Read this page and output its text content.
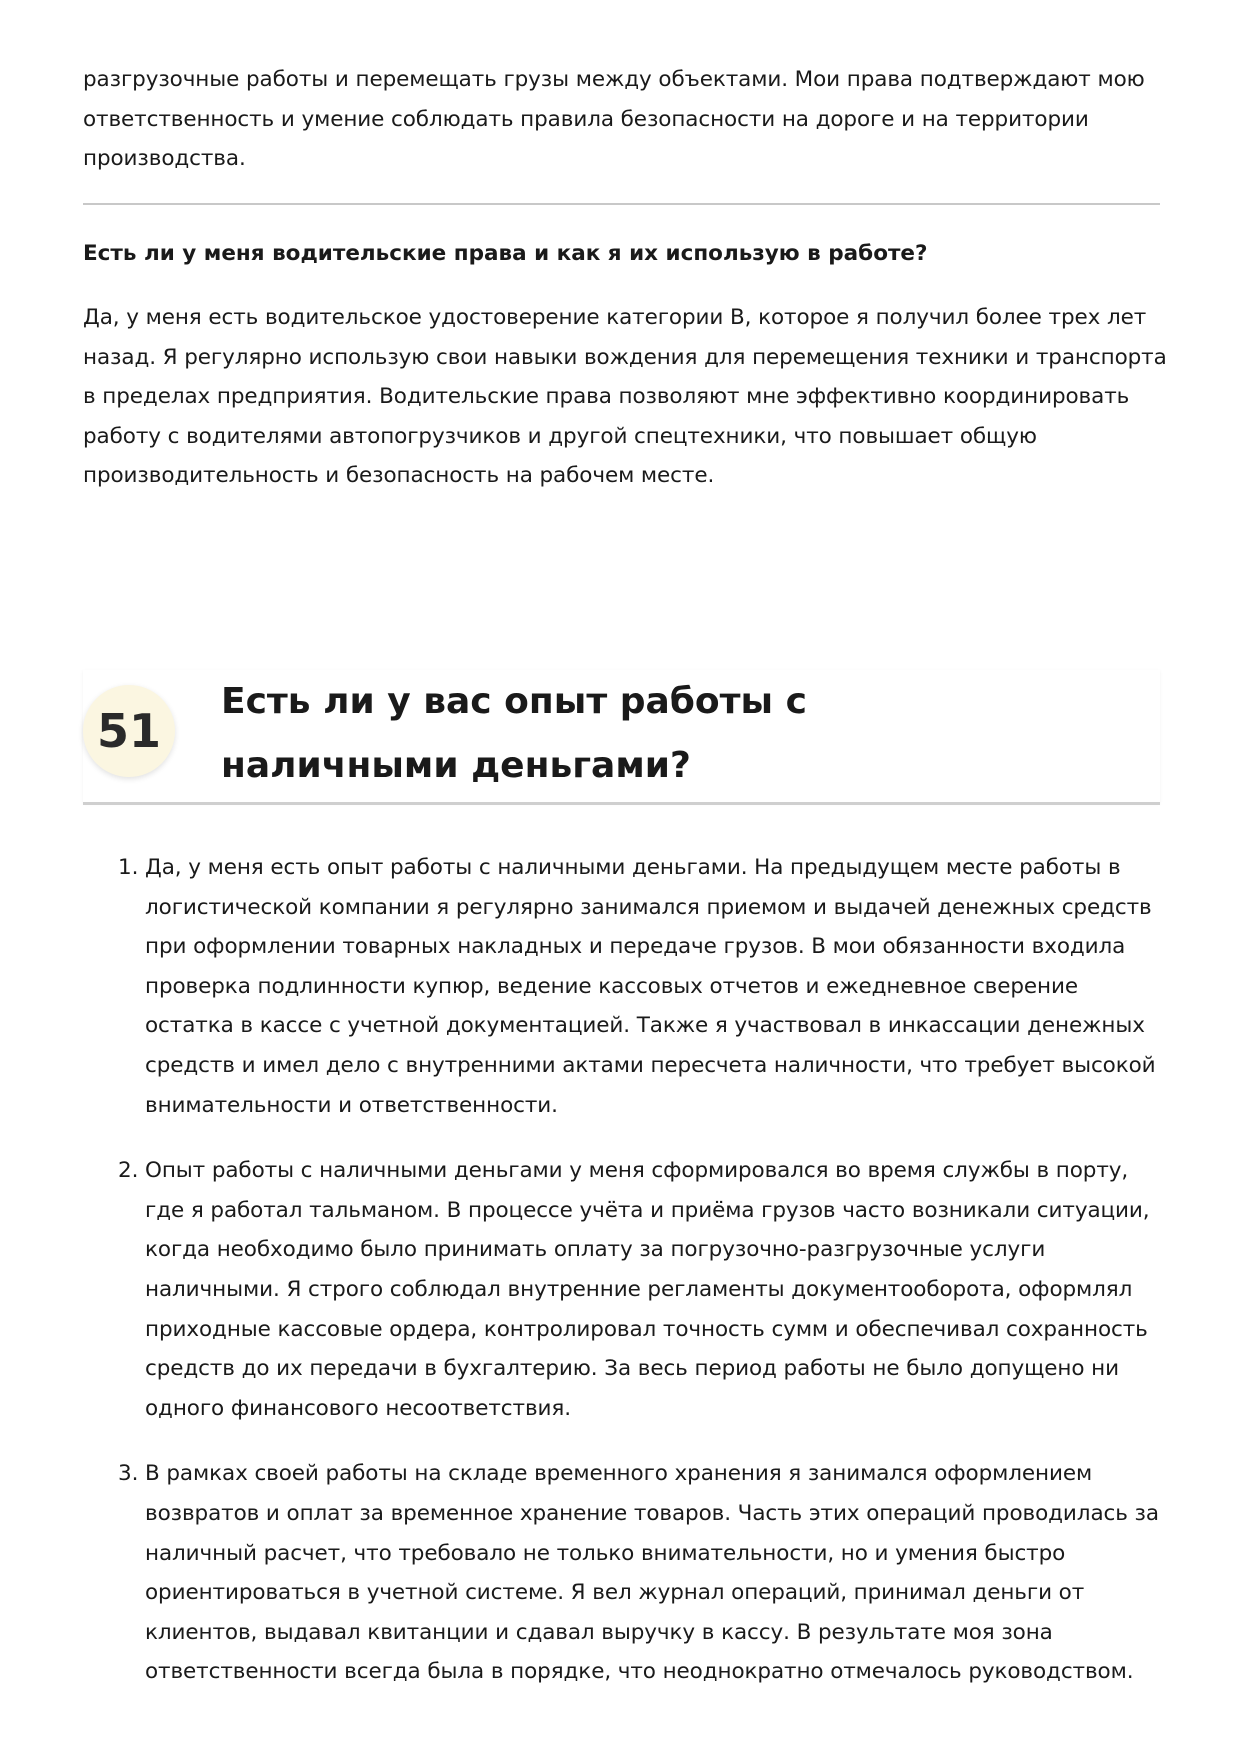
разгрузочные работы и перемещать грузы между объектами. Мои права подтверждают мою ответственность и умение соблюдать правила безопасности на дороге и на территории производства.

Есть ли у меня водительские права и как я их использую в работе?

Да, у меня есть водительское удостоверение категории B, которое я получил более трех лет назад. Я регулярно использую свои навыки вождения для перемещения техники и транспорта в пределах предприятия. Водительские права позволяют мне эффективно координировать работу с водителями автопогрузчиков и другой спецтехники, что повышает общую производительность и безопасность на рабочем месте.

51
Есть ли у вас опыт работы с наличными деньгами?
1. Да, у меня есть опыт работы с наличными деньгами. На предыдущем месте работы в логистической компании я регулярно занимался приемом и выдачей денежных средств при оформлении товарных накладных и передаче грузов. В мои обязанности входила проверка подлинности купюр, ведение кассовых отчетов и ежедневное сверение остатка в кассе с учетной документацией. Также я участвовал в инкассации денежных средств и имел дело с внутренними актами пересчета наличности, что требует высокой внимательности и ответственности.
2. Опыт работы с наличными деньгами у меня сформировался во время службы в порту, где я работал тальманом. В процессе учёта и приёма грузов часто возникали ситуации, когда необходимо было принимать оплату за погрузочно-разгрузочные услуги наличными. Я строго соблюдал внутренние регламенты документооборота, оформлял приходные кассовые ордера, контролировал точность сумм и обеспечивал сохранность средств до их передачи в бухгалтерию. За весь период работы не было допущено ни одного финансового несоответствия.
3. В рамках своей работы на складе временного хранения я занимался оформлением возвратов и оплат за временное хранение товаров. Часть этих операций проводилась за наличный расчет, что требовало не только внимательности, но и умения быстро ориентироваться в учетной системе. Я вел журнал операций, принимал деньги от клиентов, выдавал квитанции и сдавал выручку в кассу. В результате моя зона ответственности всегда была в порядке, что неоднократно отмечалось руководством.
